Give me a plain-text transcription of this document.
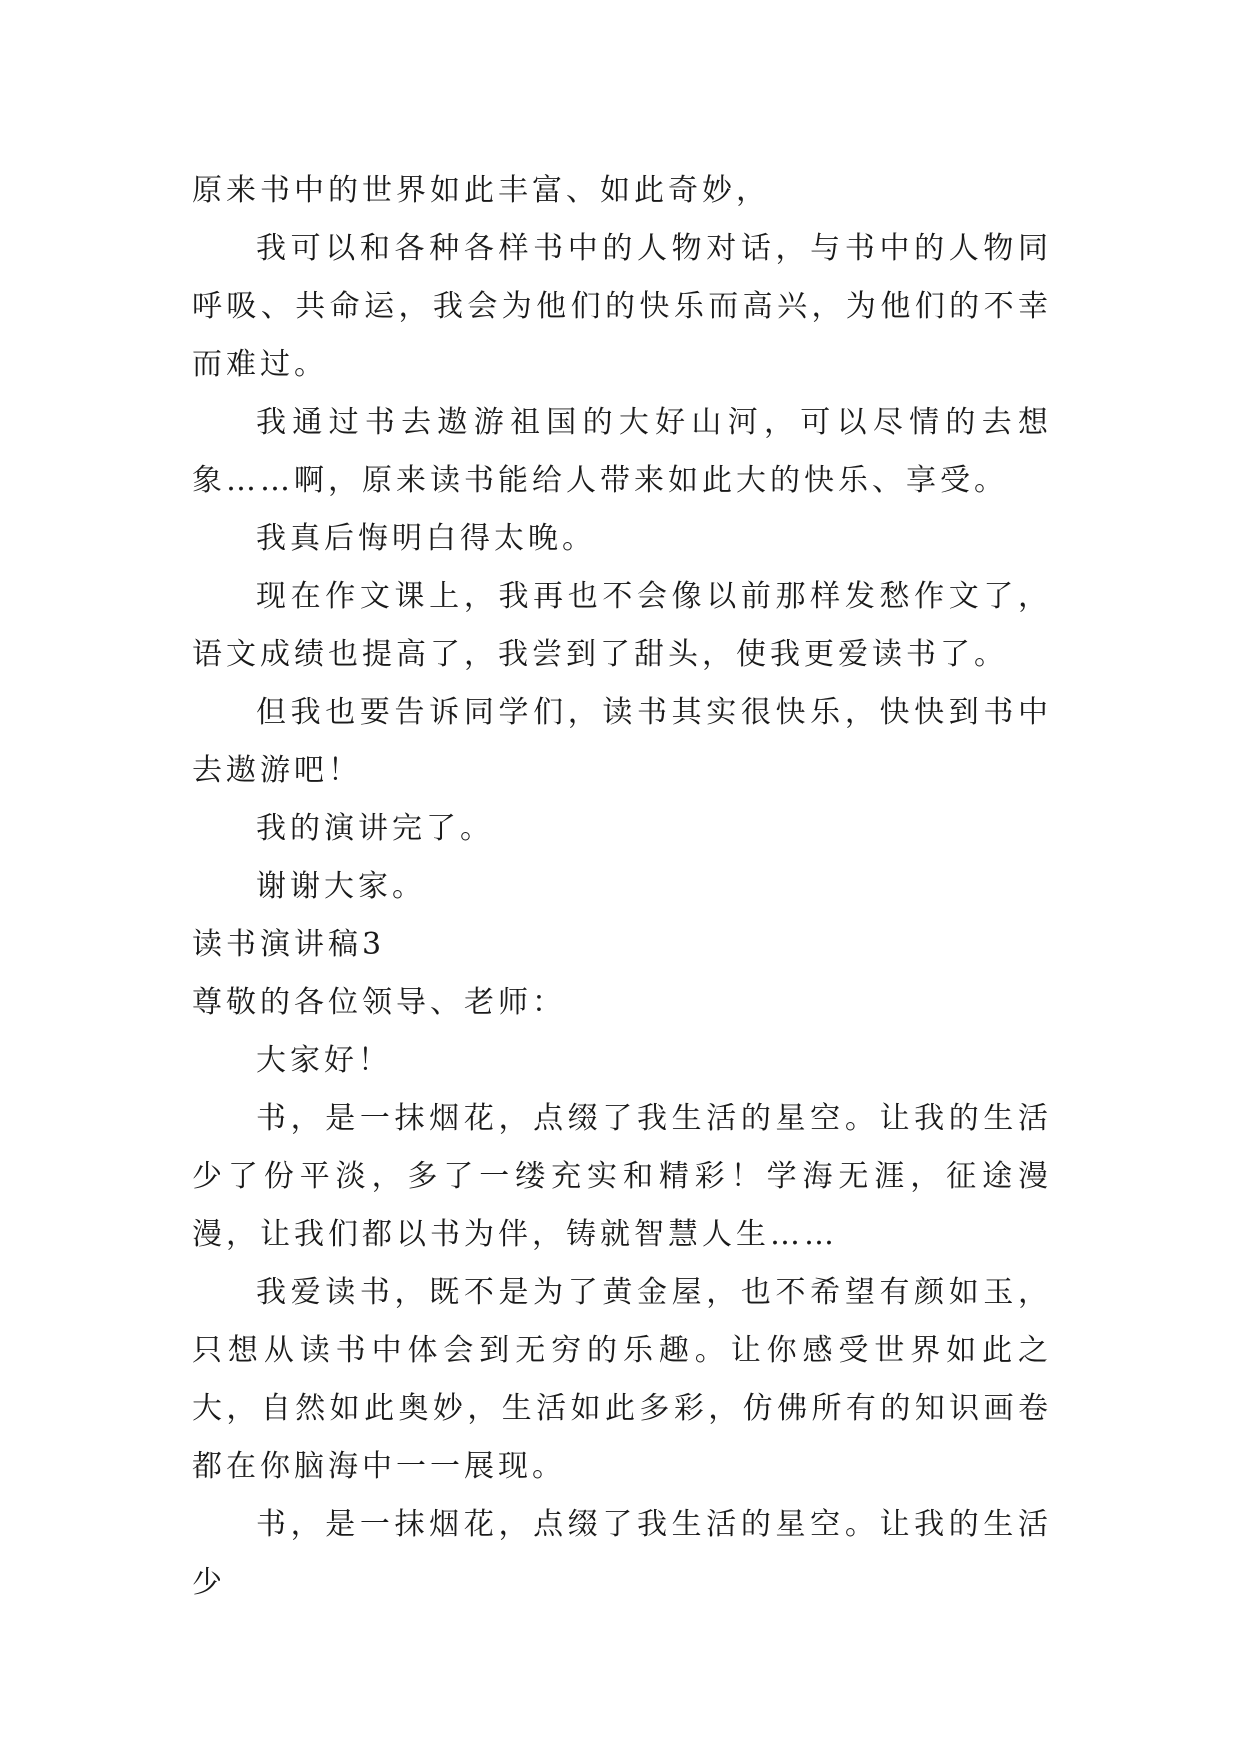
原来书中的世界如此丰富、如此奇妙，

我可以和各种各样书中的人物对话，与书中的人物同呼吸、共命运，我会为他们的快乐而高兴，为他们的不幸而难过。

我通过书去遨游祖国的大好山河，可以尽情的去想象……啊，原来读书能给人带来如此大的快乐、享受。

我真后悔明白得太晚。

现在作文课上，我再也不会像以前那样发愁作文了，语文成绩也提高了，我尝到了甜头，使我更爱读书了。

但我也要告诉同学们，读书其实很快乐，快快到书中去遨游吧！

我的演讲完了。

谢谢大家。

读书演讲稿3

尊敬的各位领导、老师：

大家好！

书，是一抹烟花，点缀了我生活的星空。让我的生活少了份平淡，多了一缕充实和精彩！学海无涯，征途漫漫，让我们都以书为伴，铸就智慧人生……

我爱读书，既不是为了黄金屋，也不希望有颜如玉，只想从读书中体会到无穷的乐趣。让你感受世界如此之大，自然如此奥妙，生活如此多彩，仿佛所有的知识画卷都在你脑海中一一展现。

书，是一抹烟花，点缀了我生活的星空。让我的生活少
